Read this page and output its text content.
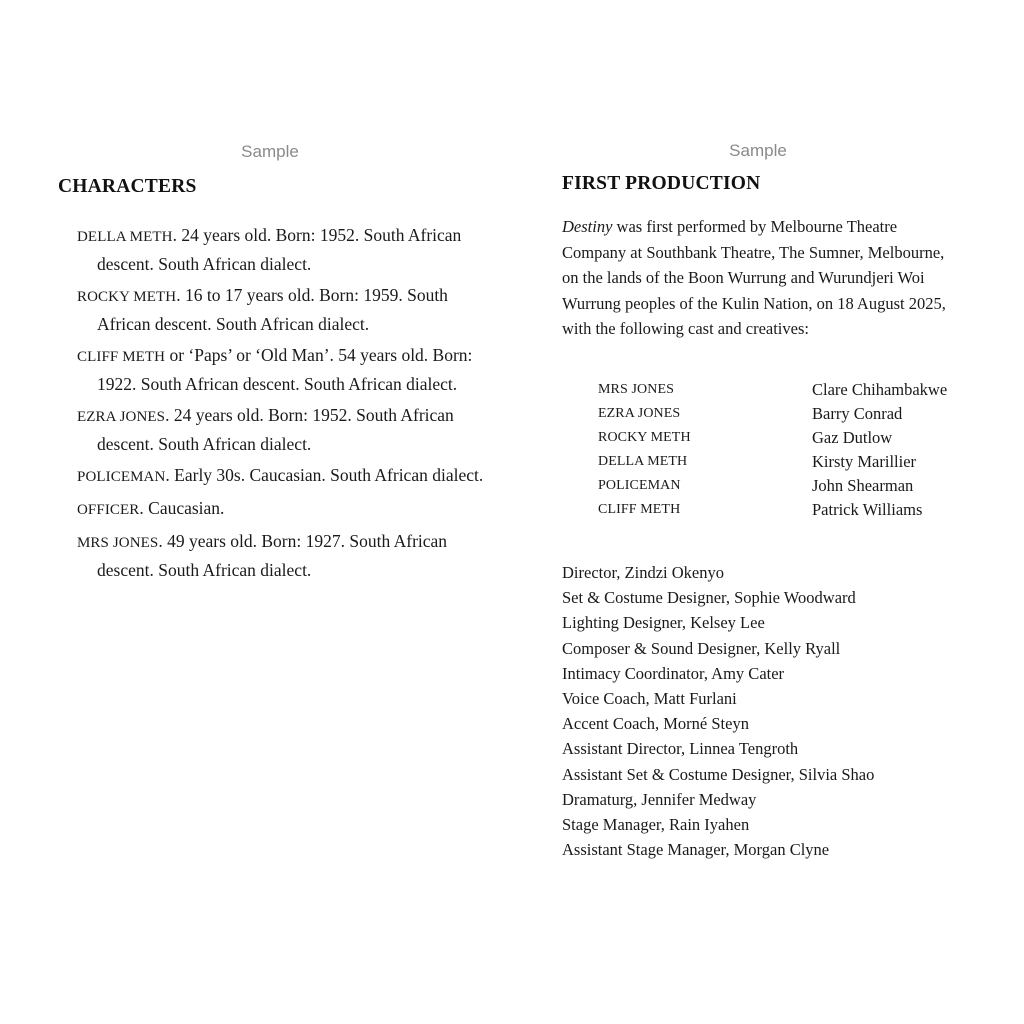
Sample
CHARACTERS
DELLA METH. 24 years old. Born: 1952. South African descent. South African dialect.
ROCKY METH. 16 to 17 years old. Born: 1959. South African descent. South African dialect.
CLIFF METH or ‘Paps’ or ‘Old Man’. 54 years old. Born: 1922. South African descent. South African dialect.
EZRA JONES. 24 years old. Born: 1952. South African descent. South African dialect.
POLICEMAN. Early 30s. Caucasian. South African dialect.
OFFICER. Caucasian.
MRS JONES. 49 years old. Born: 1927. South African descent. South African dialect.
Sample
FIRST PRODUCTION

Destiny was first performed by Melbourne Theatre Company at Southbank Theatre, The Sumner, Melbourne, on the lands of the Boon Wurrung and Wurundjeri Woi Wurrung peoples of the Kulin Nation, on 18 August 2025, with the following cast and creatives:

MRS JONES	Clare Chihambakwe
EZRA JONES	Barry Conrad
ROCKY METH	Gaz Dutlow
DELLA METH	Kirsty Marillier
POLICEMAN	John Shearman
CLIFF METH	Patrick Williams
Director, Zindzi Okenyo
Set & Costume Designer, Sophie Woodward
Lighting Designer, Kelsey Lee
Composer & Sound Designer, Kelly Ryall
Intimacy Coordinator, Amy Cater
Voice Coach, Matt Furlani
Accent Coach, Morné Steyn
Assistant Director, Linnea Tengroth
Assistant Set & Costume Designer, Silvia Shao
Dramaturg, Jennifer Medway
Stage Manager, Rain Iyahen
Assistant Stage Manager, Morgan Clyne
